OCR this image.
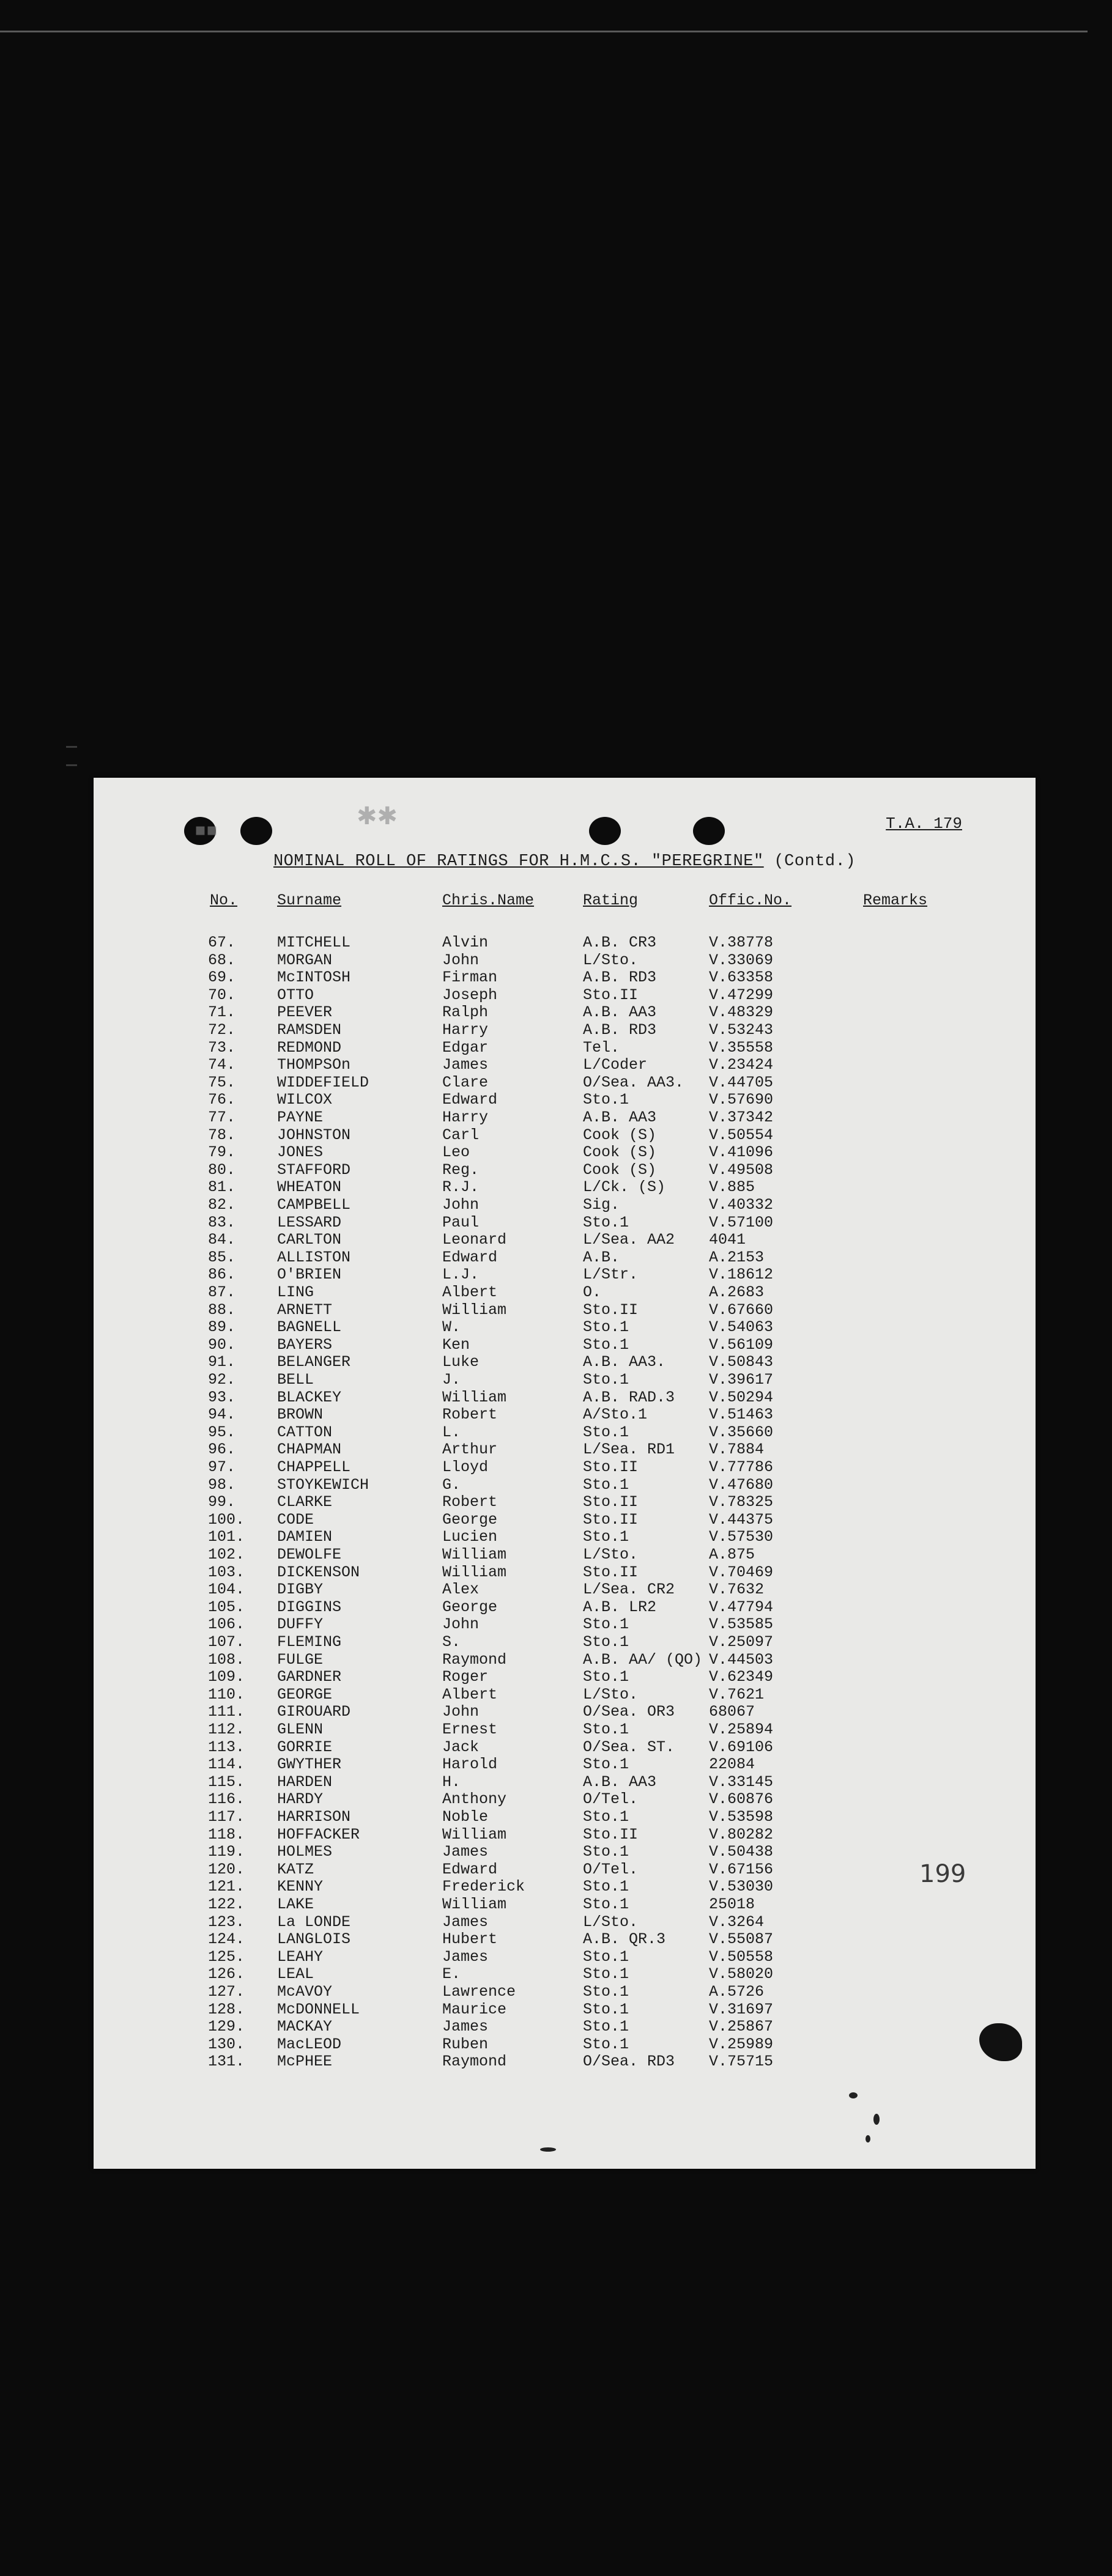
✱✱
▪▪	T.A. 179
NOMINAL ROLL OF RATINGS FOR H.M.C.S. "PEREGRINE" (Contd.)
No.	Surname	Chris.Name	Rating	Offic.No.	Remarks
67.	MITCHELL	Alvin	A.B. CR3	V.38778
68.	MORGAN	John	L/Sto.	V.33069
69.	McINTOSH	Firman	A.B. RD3	V.63358
70.	OTTO	Joseph	Sto.II	V.47299
71.	PEEVER	Ralph	A.B. AA3	V.48329
72.	RAMSDEN	Harry	A.B. RD3	V.53243
73.	REDMOND	Edgar	Tel.	V.35558
74.	THOMPSOn	James	L/Coder	V.23424
75.	WIDDEFIELD	Clare	O/Sea. AA3. V.44705
76.	WILCOX	Edward	Sto.1	V.57690
77.	PAYNE	Harry	A.B. AA3	V.37342
78.	JOHNSTON	Carl	Cook (S)	V.50554
79.	JONES	Leo	Cook (S)	V.41096
80.	STAFFORD	Reg.	Cook (S)	V.49508
81.	WHEATON	R.J.	L/Ck. (S)	V.885
82.	CAMPBELL	John	Sig.	V.40332
83.	LESSARD	Paul	Sto.1	V.57100
84.	CARLTON	Leonard	L/Sea. AA2 4041
85.	ALLISTON	Edward	A.B.	A.2153
86.	O'BRIEN	L.J.	L/Str.	V.18612
87.	LING	Albert	O.	A.2683
88.	ARNETT	William	Sto.II	V.67660
89.	BAGNELL	W.	Sto.1	V.54063
90.	BAYERS	Ken	Sto.1	V.56109
91.	BELANGER	Luke	A.B. AA3.	V.50843
92.	BELL	J.	Sto.1	V.39617
93.	BLACKEY	William	A.B. RAD.3 V.50294
94.	BROWN	Robert	A/Sto.1	V.51463
95.	CATTON	L.	Sto.1	V.35660
96.	CHAPMAN	Arthur	L/Sea. RD1 V.7884
97.	CHAPPELL	Lloyd	Sto.II	V.77786
98.	STOYKEWICH	G.	Sto.1	V.47680
99.	CLARKE	Robert	Sto.II	V.78325
100. CODE	George	Sto.II	V.44375
101. DAMIEN	Lucien	Sto.1	V.57530
102. DEWOLFE	William	L/Sto.	A.875
103. DICKENSON	William	Sto.II	V.70469
104. DIGBY	Alex	L/Sea. CR2 V.7632
105. DIGGINS	George	A.B. LR2	V.47794
106. DUFFY	John	Sto.1	V.53585
107. FLEMING	S.	Sto.1	V.25097
108. FULGE	Raymond	A.B. AA/ (QO) V.44503
109. GARDNER	Roger	Sto.1	V.62349
110. GEORGE	Albert	L/Sto.	V.7621
111. GIROUARD	John	O/Sea. OR3 68067
112. GLENN	Ernest	Sto.1	V.25894
113. GORRIE	Jack	O/Sea. ST. V.69106
114. GWYTHER	Harold	Sto.1	22084
115. HARDEN	H.	A.B. AA3	V.33145
116. HARDY	Anthony	O/Tel.	V.60876
117. HARRISON	Noble	Sto.1	V.53598
118. HOFFACKER	William	Sto.II	V.80282
119. HOLMES	James	Sto.1	V.50438
120. KATZ	Edward	O/Tel.	V.67156
121. KENNY	Frederick	Sto.1	V.53030
122. LAKE	William	Sto.1	25018
123. La LONDE	James	L/Sto.	V.3264
124. LANGLOIS	Hubert	A.B. QR.3	V.55087
125. LEAHY	James	Sto.1	V.50558
126. LEAL	E.	Sto.1	V.58020
127. McAVOY	Lawrence	Sto.1	A.5726
128. McDONNELL	Maurice	Sto.1	V.31697
129. MACKAY	James	Sto.1	V.25867
130. MacLEOD	Ruben	Sto.1	V.25989
131. McPHEE	Raymond	O/Sea. RD3 V.75715
199
